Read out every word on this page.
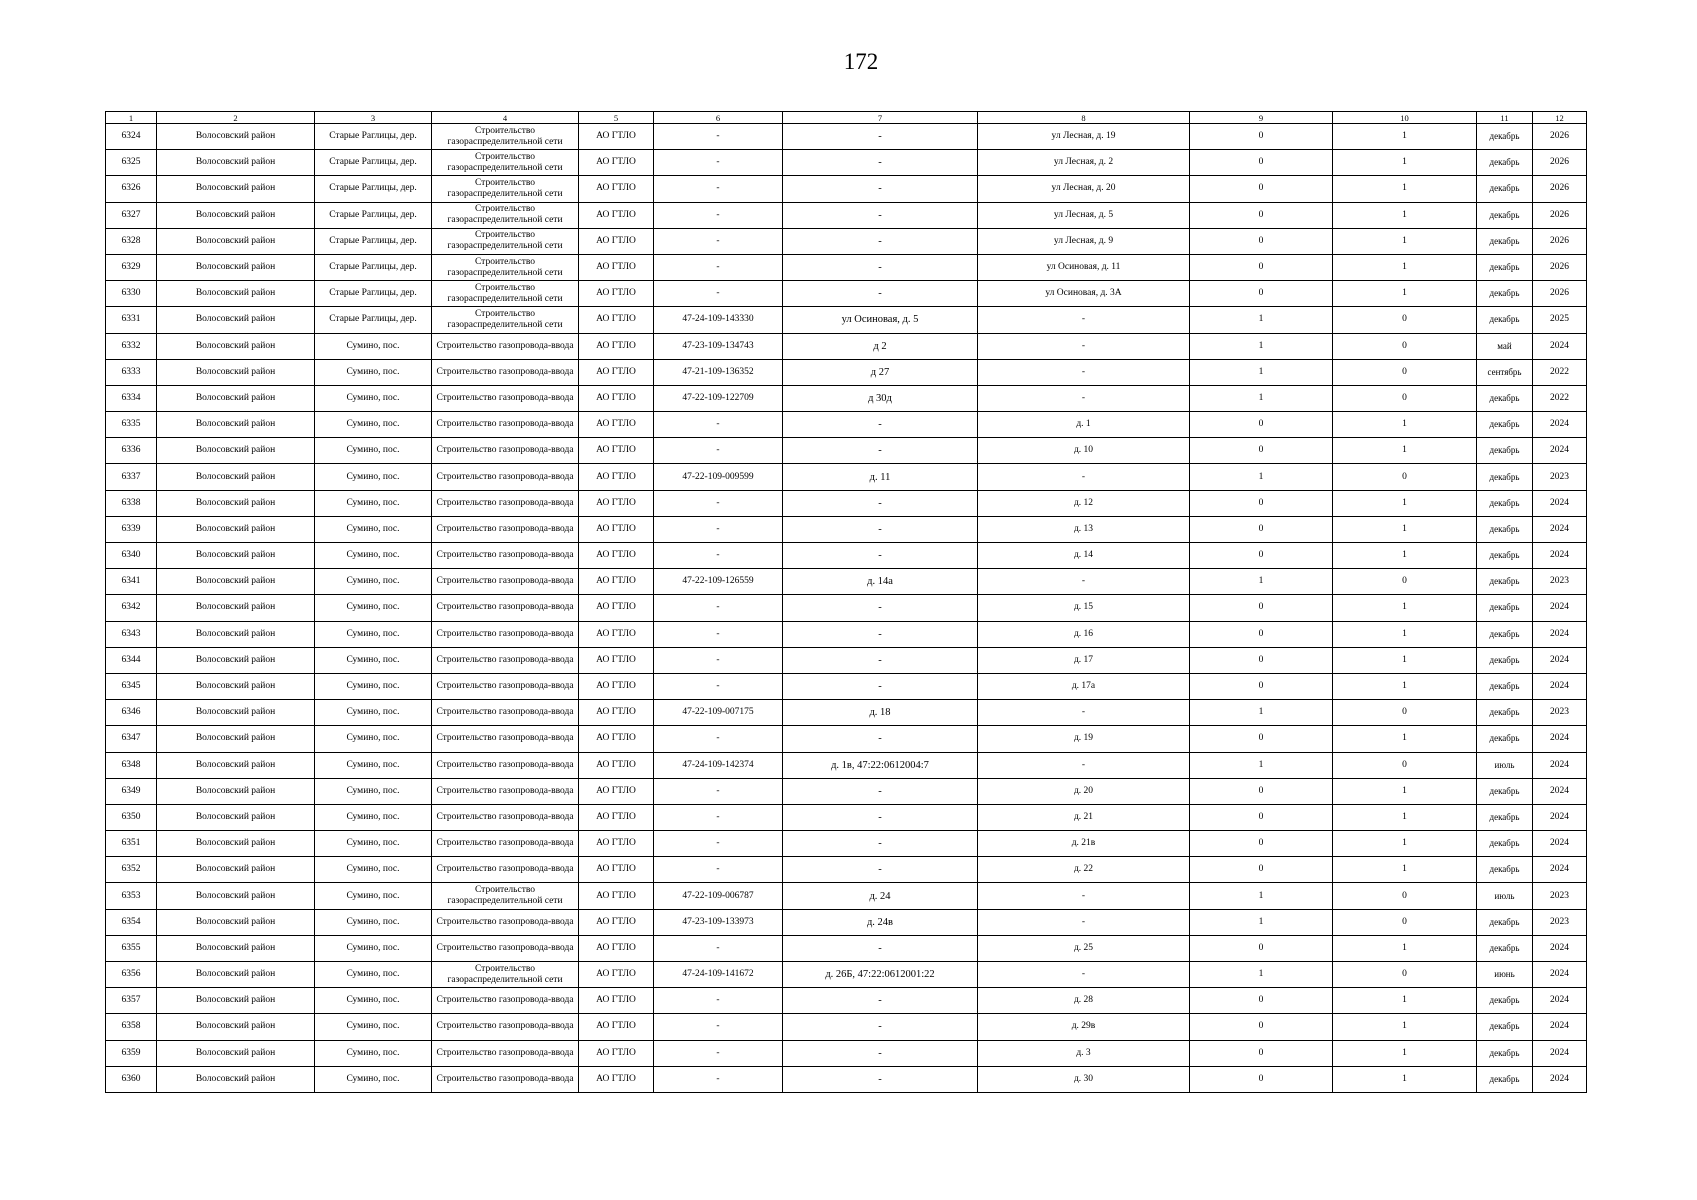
172
1	2	3	4	5	6	7	8	9	10	11	12
6324	Волосовский район	Старые Раглицы, дер.	Строительство газораспределительной сети	АО ГТЛО	-	-	ул Лесная, д. 19	0	1	декабрь	2026
6325	Волосовский район	Старые Раглицы, дер.	Строительство газораспределительной сети	АО ГТЛО	-	-	ул Лесная, д. 2	0	1	декабрь	2026
6326	Волосовский район	Старые Раглицы, дер.	Строительство газораспределительной сети	АО ГТЛО	-	-	ул Лесная, д. 20	0	1	декабрь	2026
6327	Волосовский район	Старые Раглицы, дер.	Строительство газораспределительной сети	АО ГТЛО	-	-	ул Лесная, д. 5	0	1	декабрь	2026
6328	Волосовский район	Старые Раглицы, дер.	Строительство газораспределительной сети	АО ГТЛО	-	-	ул Лесная, д. 9	0	1	декабрь	2026
6329	Волосовский район	Старые Раглицы, дер.	Строительство газораспределительной сети	АО ГТЛО	-	-	ул Осиновая, д. 11	0	1	декабрь	2026
6330	Волосовский район	Старые Раглицы, дер.	Строительство газораспределительной сети	АО ГТЛО	-	-	ул Осиновая, д. 3А	0	1	декабрь	2026
6331	Волосовский район	Старые Раглицы, дер.	Строительство газораспределительной сети	АО ГТЛО	47-24-109-143330	ул Осиновая, д. 5	-	1	0	декабрь	2025
6332	Волосовский район	Сумино, пос.	Строительство газопровода-ввода	АО ГТЛО	47-23-109-134743	д 2	-	1	0	май	2024
6333	Волосовский район	Сумино, пос.	Строительство газопровода-ввода	АО ГТЛО	47-21-109-136352	д 27	-	1	0	сентябрь	2022
6334	Волосовский район	Сумино, пос.	Строительство газопровода-ввода	АО ГТЛО	47-22-109-122709	д 30д	-	1	0	декабрь	2022
6335	Волосовский район	Сумино, пос.	Строительство газопровода-ввода	АО ГТЛО	-	-	д. 1	0	1	декабрь	2024
6336	Волосовский район	Сумино, пос.	Строительство газопровода-ввода	АО ГТЛО	-	-	д. 10	0	1	декабрь	2024
6337	Волосовский район	Сумино, пос.	Строительство газопровода-ввода	АО ГТЛО	47-22-109-009599	д. 11	-	1	0	декабрь	2023
6338	Волосовский район	Сумино, пос.	Строительство газопровода-ввода	АО ГТЛО	-	-	д. 12	0	1	декабрь	2024
6339	Волосовский район	Сумино, пос.	Строительство газопровода-ввода	АО ГТЛО	-	-	д. 13	0	1	декабрь	2024
6340	Волосовский район	Сумино, пос.	Строительство газопровода-ввода	АО ГТЛО	-	-	д. 14	0	1	декабрь	2024
6341	Волосовский район	Сумино, пос.	Строительство газопровода-ввода	АО ГТЛО	47-22-109-126559	д. 14а	-	1	0	декабрь	2023
6342	Волосовский район	Сумино, пос.	Строительство газопровода-ввода	АО ГТЛО	-	-	д. 15	0	1	декабрь	2024
6343	Волосовский район	Сумино, пос.	Строительство газопровода-ввода	АО ГТЛО	-	-	д. 16	0	1	декабрь	2024
6344	Волосовский район	Сумино, пос.	Строительство газопровода-ввода	АО ГТЛО	-	-	д. 17	0	1	декабрь	2024
6345	Волосовский район	Сумино, пос.	Строительство газопровода-ввода	АО ГТЛО	-	-	д. 17а	0	1	декабрь	2024
6346	Волосовский район	Сумино, пос.	Строительство газопровода-ввода	АО ГТЛО	47-22-109-007175	д. 18	-	1	0	декабрь	2023
6347	Волосовский район	Сумино, пос.	Строительство газопровода-ввода	АО ГТЛО	-	-	д. 19	0	1	декабрь	2024
6348	Волосовский район	Сумино, пос.	Строительство газопровода-ввода	АО ГТЛО	47-24-109-142374	д. 1в, 47:22:0612004:7	-	1	0	июль	2024
6349	Волосовский район	Сумино, пос.	Строительство газопровода-ввода	АО ГТЛО	-	-	д. 20	0	1	декабрь	2024
6350	Волосовский район	Сумино, пос.	Строительство газопровода-ввода	АО ГТЛО	-	-	д. 21	0	1	декабрь	2024
6351	Волосовский район	Сумино, пос.	Строительство газопровода-ввода	АО ГТЛО	-	-	д. 21в	0	1	декабрь	2024
6352	Волосовский район	Сумино, пос.	Строительство газопровода-ввода	АО ГТЛО	-	-	д. 22	0	1	декабрь	2024
6353	Волосовский район	Сумино, пос.	Строительство газораспределительной сети	АО ГТЛО	47-22-109-006787	д. 24	-	1	0	июль	2023
6354	Волосовский район	Сумино, пос.	Строительство газопровода-ввода	АО ГТЛО	47-23-109-133973	д. 24в	-	1	0	декабрь	2023
6355	Волосовский район	Сумино, пос.	Строительство газопровода-ввода	АО ГТЛО	-	-	д. 25	0	1	декабрь	2024
6356	Волосовский район	Сумино, пос.	Строительство газораспределительной сети	АО ГТЛО	47-24-109-141672	д. 26Б, 47:22:0612001:22	-	1	0	июнь	2024
6357	Волосовский район	Сумино, пос.	Строительство газопровода-ввода	АО ГТЛО	-	-	д. 28	0	1	декабрь	2024
6358	Волосовский район	Сумино, пос.	Строительство газопровода-ввода	АО ГТЛО	-	-	д. 29в	0	1	декабрь	2024
6359	Волосовский район	Сумино, пос.	Строительство газопровода-ввода	АО ГТЛО	-	-	д. 3	0	1	декабрь	2024
6360	Волосовский район	Сумино, пос.	Строительство газопровода-ввода	АО ГТЛО	-	-	д. 30	0	1	декабрь	2024
